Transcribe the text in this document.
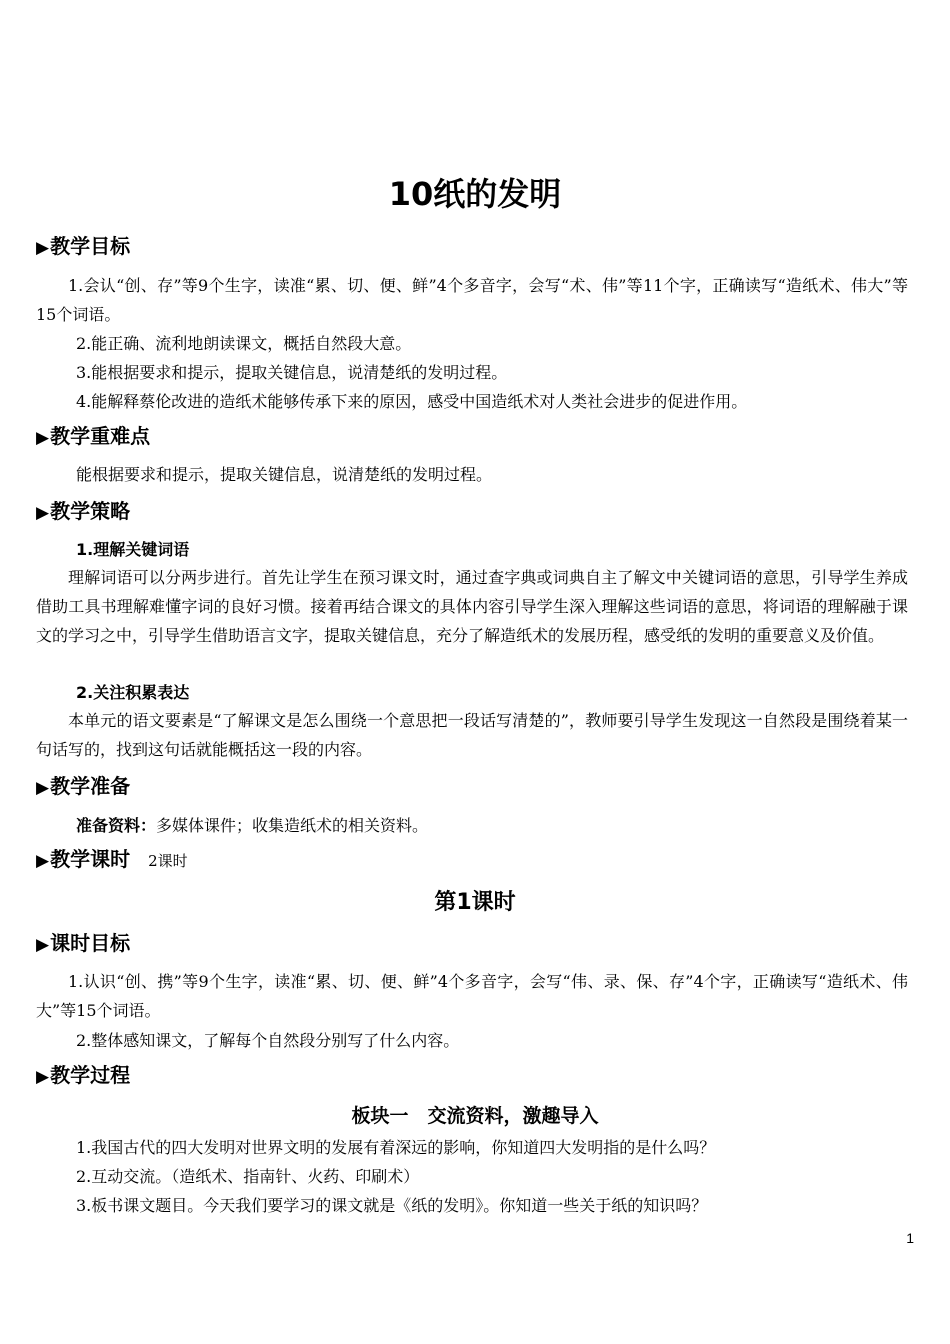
10纸的发明
▶教学目标
1.会认“创、存”等9个生字，读准“累、切、便、鲜”4个多音字，会写“术、伟”等11个字，正确读写“造纸术、伟大”等15个词语。
2.能正确、流利地朗读课文，概括自然段大意。
3.能根据要求和提示，提取关键信息，说清楚纸的发明过程。
4.能解释蔡伦改进的造纸术能够传承下来的原因，感受中国造纸术对人类社会进步的促进作用。
▶教学重难点
能根据要求和提示，提取关键信息，说清楚纸的发明过程。
▶教学策略
1.理解关键词语
理解词语可以分两步进行。首先让学生在预习课文时，通过查字典或词典自主了解文中关键词语的意思，引导学生养成借助工具书理解难懂字词的良好习惯。接着再结合课文的具体内容引导学生深入理解这些词语的意思，将词语的理解融于课文的学习之中，引导学生借助语言文字，提取关键信息，充分了解造纸术的发展历程，感受纸的发明的重要意义及价值。
2.关注积累表达
本单元的语文要素是“了解课文是怎么围绕一个意思把一段话写清楚的”，教师要引导学生发现这一自然段是围绕着某一句话写的，找到这句话就能概括这一段的内容。
▶教学准备
准备资料：多媒体课件；收集造纸术的相关资料。
▶教学课时 2课时
第1课时
▶课时目标
1.认识“创、携”等9个生字，读准“累、切、便、鲜”4个多音字，会写“伟、录、保、存”4个字，正确读写“造纸术、伟大”等15个词语。
2.整体感知课文，了解每个自然段分别写了什么内容。
▶教学过程
板块一　交流资料，激趣导入
1.我国古代的四大发明对世界文明的发展有着深远的影响，你知道四大发明指的是什么吗？
2.互动交流。（造纸术、指南针、火药、印刷术）
3.板书课文题目。今天我们要学习的课文就是《纸的发明》。你知道一些关于纸的知识吗？
1
